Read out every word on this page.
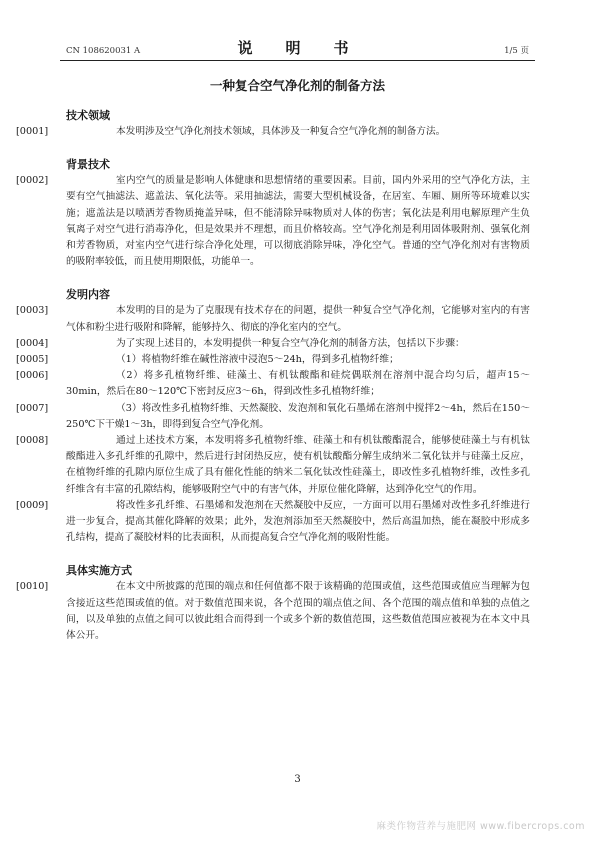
CN 108620031 A	说　明　书	1/5 页
一种复合空气净化剂的制备方法
技术领域

[0001]	本发明涉及空气净化剂技术领域，具体涉及一种复合空气净化剂的制备方法。

背景技术

[0002]	室内空气的质量是影响人体健康和思想情绪的重要因素。目前，国内外采用的空气净化方法，主要有空气抽滤法、遮盖法、氧化法等。采用抽滤法，需要大型机械设备，在居室、车厢、厕所等环境难以实施；遮盖法是以喷洒芳香物质掩盖异味，但不能清除异味物质对人体的伤害；氧化法是利用电解原理产生负氧离子对空气进行消毒净化，但是效果并不理想，而且价格较高。空气净化剂是利用固体吸附剂、强氧化剂和芳香物质，对室内空气进行综合净化处理，可以彻底消除异味，净化空气。普通的空气净化剂对有害物质的吸附率较低，而且使用期限低，功能单一。

发明内容

[0003]	本发明的目的是为了克服现有技术存在的问题，提供一种复合空气净化剂，它能够对室内的有害气体和粉尘进行吸附和降解，能够持久、彻底的净化室内的空气。

[0004]	为了实现上述目的，本发明提供一种复合空气净化剂的制备方法，包括以下步骤：

[0005]	（1）将植物纤维在碱性溶液中浸泡5～24h，得到多孔植物纤维；

[0006]	（2）将多孔植物纤维、硅藻土、有机钛酸酯和硅烷偶联剂在溶剂中混合均匀后，超声15～30min，然后在80～120℃下密封反应3～6h，得到改性多孔植物纤维；

[0007]	（3）将改性多孔植物纤维、天然凝胶、发泡剂和氧化石墨烯在溶剂中搅拌2～4h，然后在150～250℃下干燥1～3h，即得到复合空气净化剂。

[0008]	通过上述技术方案，本发明将多孔植物纤维、硅藻土和有机钛酸酯混合，能够使硅藻土与有机钛酸酯进入多孔纤维的孔隙中，然后进行封闭热反应，使有机钛酸酯分解生成纳米二氧化钛并与硅藻土反应，在植物纤维的孔隙内原位生成了具有催化性能的纳米二氧化钛改性硅藻土，即改性多孔植物纤维，改性多孔纤维含有丰富的孔隙结构，能够吸附空气中的有害气体，并原位催化降解，达到净化空气的作用。

[0009]	将改性多孔纤维、石墨烯和发泡剂在天然凝胶中反应，一方面可以用石墨烯对改性多孔纤维进行进一步复合，提高其催化降解的效果；此外，发泡剂添加至天然凝胶中，然后高温加热，能在凝胶中形成多孔结构，提高了凝胶材料的比表面积，从而提高复合空气净化剂的吸附性能。

具体实施方式

[0010]	在本文中所披露的范围的端点和任何值都不限于该精确的范围或值，这些范围或值应当理解为包含接近这些范围或值的值。对于数值范围来说，各个范围的端点值之间、各个范围的端点值和单独的点值之间，以及单独的点值之间可以彼此组合而得到一个或多个新的数值范围，这些数值范围应被视为在本文中具体公开。

3
麻类作物营养与施肥网 www.fibercrops.com
